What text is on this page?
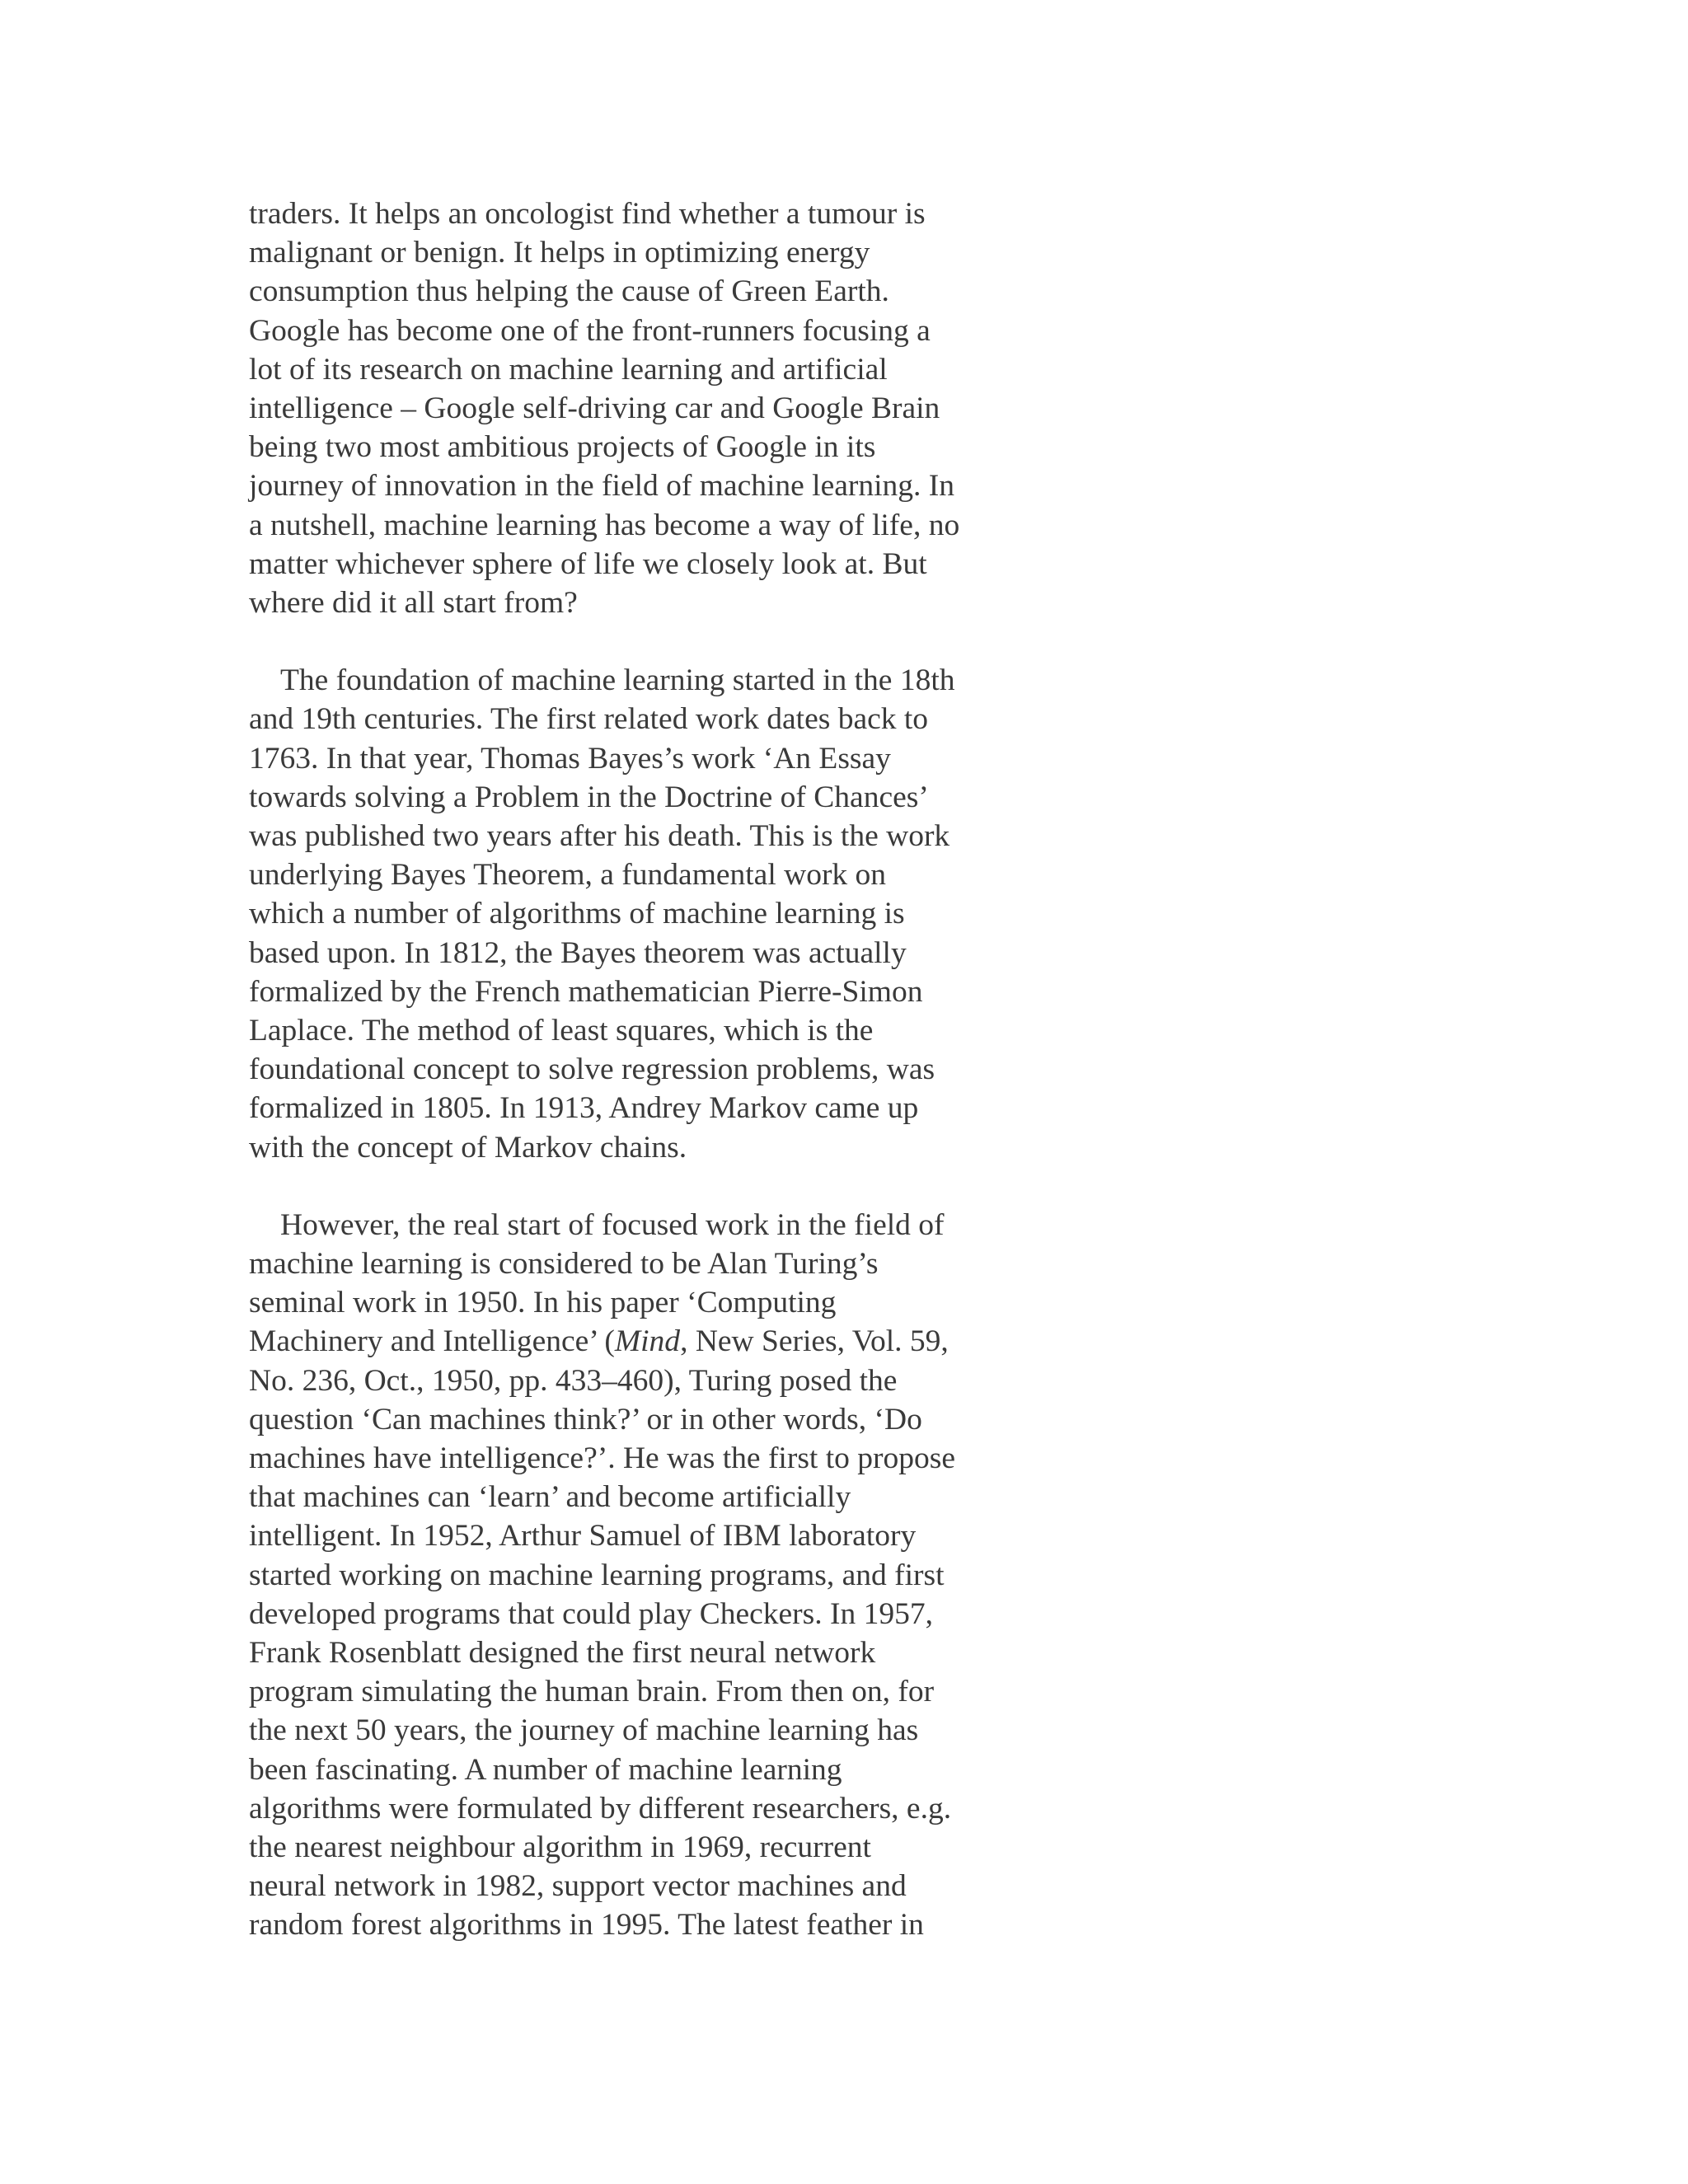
traders. It helps an oncologist find whether a tumour is
malignant or benign. It helps in optimizing energy
consumption thus helping the cause of Green Earth.
Google has become one of the front-runners focusing a
lot of its research on machine learning and artificial
intelligence – Google self-driving car and Google Brain
being two most ambitious projects of Google in its
journey of innovation in the field of machine learning. In
a nutshell, machine learning has become a way of life, no
matter whichever sphere of life we closely look at. But
where did it all start from?
The foundation of machine learning started in the 18th
and 19th centuries. The first related work dates back to
1763. In that year, Thomas Bayes’s work ‘An Essay
towards solving a Problem in the Doctrine of Chances’
was published two years after his death. This is the work
underlying Bayes Theorem, a fundamental work on
which a number of algorithms of machine learning is
based upon. In 1812, the Bayes theorem was actually
formalized by the French mathematician Pierre-Simon
Laplace. The method of least squares, which is the
foundational concept to solve regression problems, was
formalized in 1805. In 1913, Andrey Markov came up
with the concept of Markov chains.
However, the real start of focused work in the field of
machine learning is considered to be Alan Turing’s
seminal work in 1950. In his paper ‘Computing
Machinery and Intelligence’ (Mind, New Series, Vol. 59,
No. 236, Oct., 1950, pp. 433–460), Turing posed the
question ‘Can machines think?’ or in other words, ‘Do
machines have intelligence?’. He was the first to propose
that machines can ‘learn’ and become artificially
intelligent. In 1952, Arthur Samuel of IBM laboratory
started working on machine learning programs, and first
developed programs that could play Checkers. In 1957,
Frank Rosenblatt designed the first neural network
program simulating the human brain. From then on, for
the next 50 years, the journey of machine learning has
been fascinating. A number of machine learning
algorithms were formulated by different researchers, e.g.
the nearest neighbour algorithm in 1969, recurrent
neural network in 1982, support vector machines and
random forest algorithms in 1995. The latest feather in
